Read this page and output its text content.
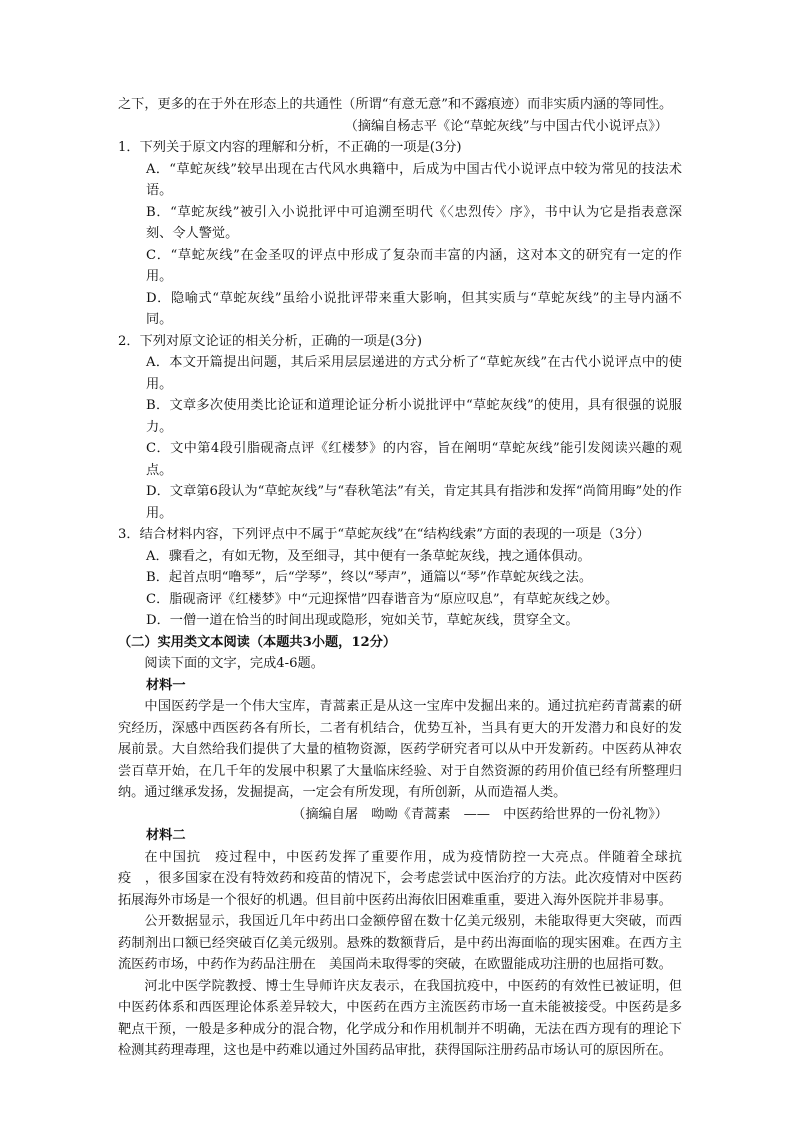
之下，更多的在于外在形态上的共通性（所谓“有意无意”和不露痕迹）而非实质内涵的等同性。

（摘编自杨志平《论“草蛇灰线”与中国古代小说评点》）

1．下列关于原文内容的理解和分析，不正确的一项是(3分)

A．“草蛇灰线”较早出现在古代风水典籍中，后成为中国古代小说评点中较为常见的技法术语。

B．“草蛇灰线”被引入小说批评中可追溯至明代《〈忠烈传〉序》，书中认为它是指表意深刻、令人警觉。

C．“草蛇灰线”在金圣叹的评点中形成了复杂而丰富的内涵，这对本文的研究有一定的作用。

D．隐喻式“草蛇灰线”虽给小说批评带来重大影响，但其实质与“草蛇灰线”的主导内涵不同。

2．下列对原文论证的相关分析，正确的一项是(3分)

A．本文开篇提出问题，其后采用层层递进的方式分析了“草蛇灰线”在古代小说评点中的使用。

B．文章多次使用类比论证和道理论证分析小说批评中“草蛇灰线”的使用，具有很强的说服力。

C．文中第4段引脂砚斋点评《红楼梦》的内容，旨在阐明“草蛇灰线”能引发阅读兴趣的观点。

D．文章第6段认为“草蛇灰线”与“春秋笔法”有关，肯定其具有指涉和发挥“尚简用晦”处的作用。

3．结合材料内容，下列评点中不属于“草蛇灰线”在“结构线索”方面的表现的一项是（3分）

A．骤看之，有如无物，及至细寻，其中便有一条草蛇灰线，拽之通体俱动。

B．起首点明“噜琴”，后“学琴”，终以“琴声”，通篇以“琴”作草蛇灰线之法。

C．脂砚斋评《红楼梦》中“元迎探惜”四春谐音为“原应叹息”，有草蛇灰线之妙。

D．一僧一道在恰当的时间出现或隐形，宛如关节，草蛇灰线，贯穿全文。

（二）实用类文本阅读（本题共3小题，12分）

阅读下面的文字，完成4-6题。

材料一

中国医药学是一个伟大宝库，青蒿素正是从这一宝库中发掘出来的。通过抗疟药青蒿素的研究经历，深感中西医药各有所长，二者有机结合，优势互补，当具有更大的开发潜力和良好的发展前景。大自然给我们提供了大量的植物资源，医药学研究者可以从中开发新药。中医药从神农尝百草开始，在几千年的发展中积累了大量临床经验、对于自然资源的药用价值已经有所整理归纳。通过继承发扬，发掘提高，一定会有所发现，有所创新，从而造福人类。

（摘编自屠　呦呦《青蒿素　——　中医药给世界的一份礼物》）

材料二

在中国抗　疫过程中，中医药发挥了重要作用，成为疫情防控一大亮点。伴随着全球抗疫　，很多国家在没有特效药和疫苗的情况下，会考虑尝试中医治疗的方法。此次疫情对中医药拓展海外市场是一个很好的机遇。但目前中医药出海依旧困难重重，要进入海外医院并非易事。

公开数据显示，我国近几年中药出口金额停留在数十亿美元级别，未能取得更大突破，而西药制剂出口额已经突破百亿美元级别。悬殊的数额背后，是中药出海面临的现实困难。在西方主流医药市场，中药作为药品注册在　美国尚未取得零的突破，在欧盟能成功注册的也屈指可数。

河北中医学院教授、博士生导师许庆友表示，在我国抗疫中，中医药的有效性已被证明，但中医药体系和西医理论体系差异较大，中医药在西方主流医药市场一直未能被接受。中医药是多靶点干预，一般是多种成分的混合物，化学成分和作用机制并不明确，无法在西方现有的理论下检测其药理毒理，这也是中药难以通过外国药品审批，获得国际注册药品市场认可的原因所在。
